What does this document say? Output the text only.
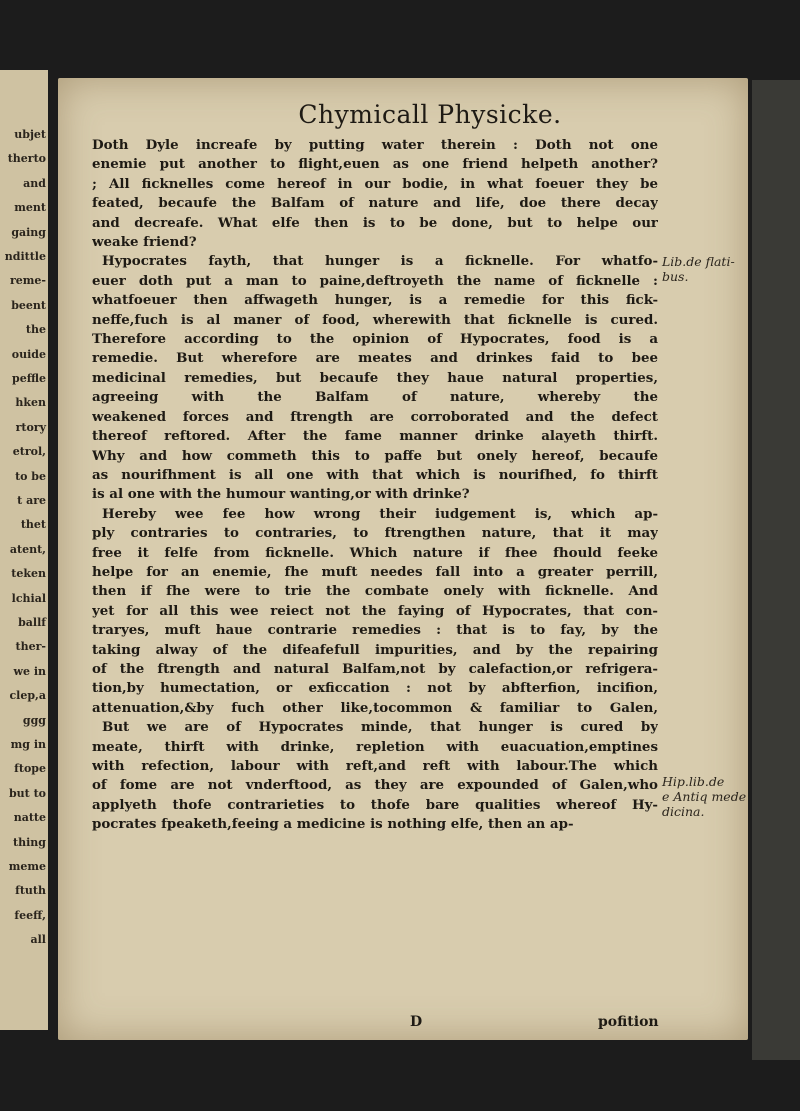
ubjet
therto
and
ment
gaing
ndittle
reme-
beent
the
ouide
peffle
hken
rtory
etrol,
to be
t are
thet
atent,
teken
lchial
ballf
ther-
we in
clep,a
ggg
mg in
ftope
but to
natte
thing
meme
ftuth
feeff,
all
Chymicall Physicke.
Doth Dyle increafe by putting water therein : Doth not one
enemie put another to flight,euen as one friend helpeth another?
; All ficknelles come hereof in our bodie, in what foeuer they be
feated, becaufe the Balfam of nature and life, doe there decay
and decreafe. What elfe then is to be done, but to helpe our
weake friend?
Hypocrates fayth, that hunger is a ficknelle. For whatfo-
euer doth put a man to paine,deftroyeth the name of ficknelle :
whatfoeuer then affwageth hunger, is a remedie for this fick-
neffe,fuch is al maner of food, wherewith that ficknelle is cured.
Therefore according to the opinion of Hypocrates, food is a
remedie. But wherefore are meates and drinkes faid to bee
medicinal remedies, but becaufe they haue natural properties,
agreeing with the Balfam of nature, whereby the
weakened forces and ftrength are corroborated and the defect
thereof reftored. After the fame manner drinke alayeth thirft.
Why and how commeth this to paffe but onely hereof, becaufe
as nourifhment is all one with that which is nourifhed, fo thirft
is al one with the humour wanting,or with drinke?
Hereby wee fee how wrong their iudgement is, which ap-
ply contraries to contraries, to ftrengthen nature, that it may
free it felfe from ficknelle. Which nature if fhee fhould feeke
helpe for an enemie, fhe muft needes fall into a greater perrill,
then if fhe were to trie the combate onely with ficknelle. And
yet for all this wee reiect not the faying of Hypocrates, that con-
traryes, muft haue contrarie remedies : that is to fay, by the
taking alway of the difeafefull impurities, and by the repairing
of the ftrength and natural Balfam,not by calefaction,or refrigera-
tion,by humectation, or exficcation : not by abfterfion, incifion,
attenuation,&by fuch other like,tocommon & familiar to Galen,
But we are of Hypocrates minde, that hunger is cured by
meate, thirft with drinke, repletion with euacuation,emptines
with refection, labour with reft,and reft with labour.The which
of fome are not vnderftood, as they are expounded of Galen,who
applyeth thofe contrarieties to thofe bare qualities whereof Hy-
pocrates fpeaketh,feeing a medicine is nothing elfe, then an ap-
Lib.de flati-
bus.
Hip.lib.de
e Antiq mede
dicina.
D	pofition
